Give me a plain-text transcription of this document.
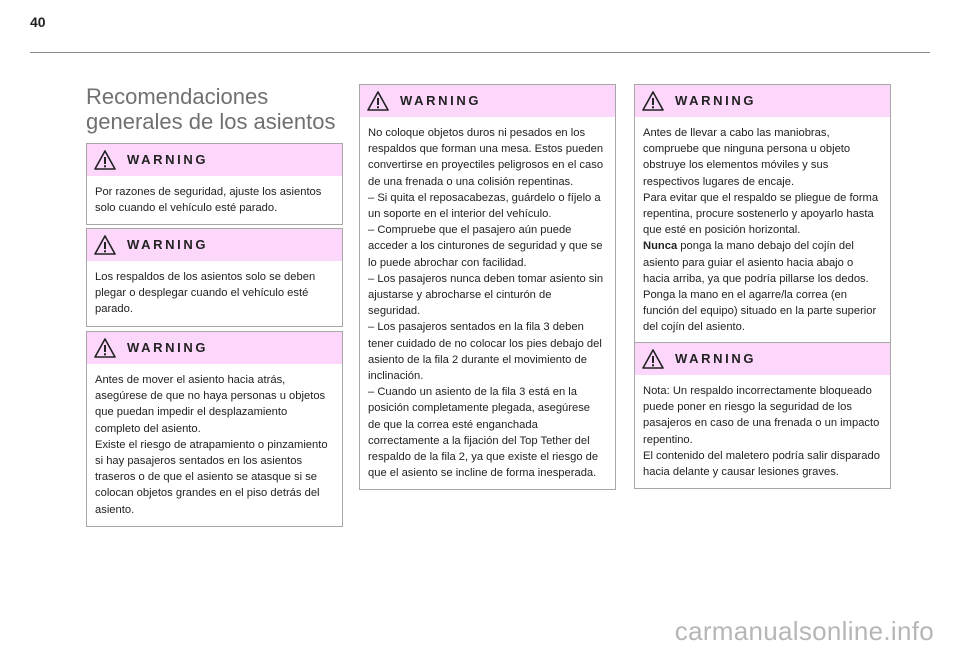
40
Recomendaciones
generales de los asientos
WARNING

Por razones de seguridad, ajuste los asientos solo cuando el vehículo esté parado.

WARNING

Los respaldos de los asientos solo se deben plegar o desplegar cuando el vehículo esté parado.

WARNING

Antes de mover el asiento hacia atrás, asegúrese de que no haya personas u objetos que puedan impedir el desplazamiento completo del asiento.

Existe el riesgo de atrapamiento o pinzamiento si hay pasajeros sentados en los asientos traseros o de que el asiento se atasque si se colocan objetos grandes en el piso detrás del asiento.

WARNING

No coloque objetos duros ni pesados en los respaldos que forman una mesa. Estos pueden convertirse en proyectiles peligrosos en el caso de una frenada o una colisión repentinas.

– Si quita el reposacabezas, guárdelo o fíjelo a un soporte en el interior del vehículo.

– Compruebe que el pasajero aún puede acceder a los cinturones de seguridad y que se lo puede abrochar con facilidad.

– Los pasajeros nunca deben tomar asiento sin ajustarse y abrocharse el cinturón de seguridad.

– Los pasajeros sentados en la fila 3 deben tener cuidado de no colocar los pies debajo del asiento de la fila 2 durante el movimiento de inclinación.

– Cuando un asiento de la fila 3 está en la posición completamente plegada, asegúrese de que la correa esté enganchada correctamente a la fijación del Top Tether del respaldo de la fila 2, ya que existe el riesgo de que el asiento se incline de forma inesperada.

WARNING

Antes de llevar a cabo las maniobras, compruebe que ninguna persona u objeto obstruye los elementos móviles y sus respectivos lugares de encaje.

Para evitar que el respaldo se pliegue de forma repentina, procure sostenerlo y apoyarlo hasta que esté en posición horizontal.

Nunca ponga la mano debajo del cojín del asiento para guiar el asiento hacia abajo o hacia arriba, ya que podría pillarse los dedos. Ponga la mano en el agarre/la correa (en función del equipo) situado en la parte superior del cojín del asiento.

WARNING

Nota: Un respaldo incorrectamente bloqueado puede poner en riesgo la seguridad de los pasajeros en caso de una frenada o un impacto repentino.

El contenido del maletero podría salir disparado hacia delante y causar lesiones graves.

carmanualsonline.info
